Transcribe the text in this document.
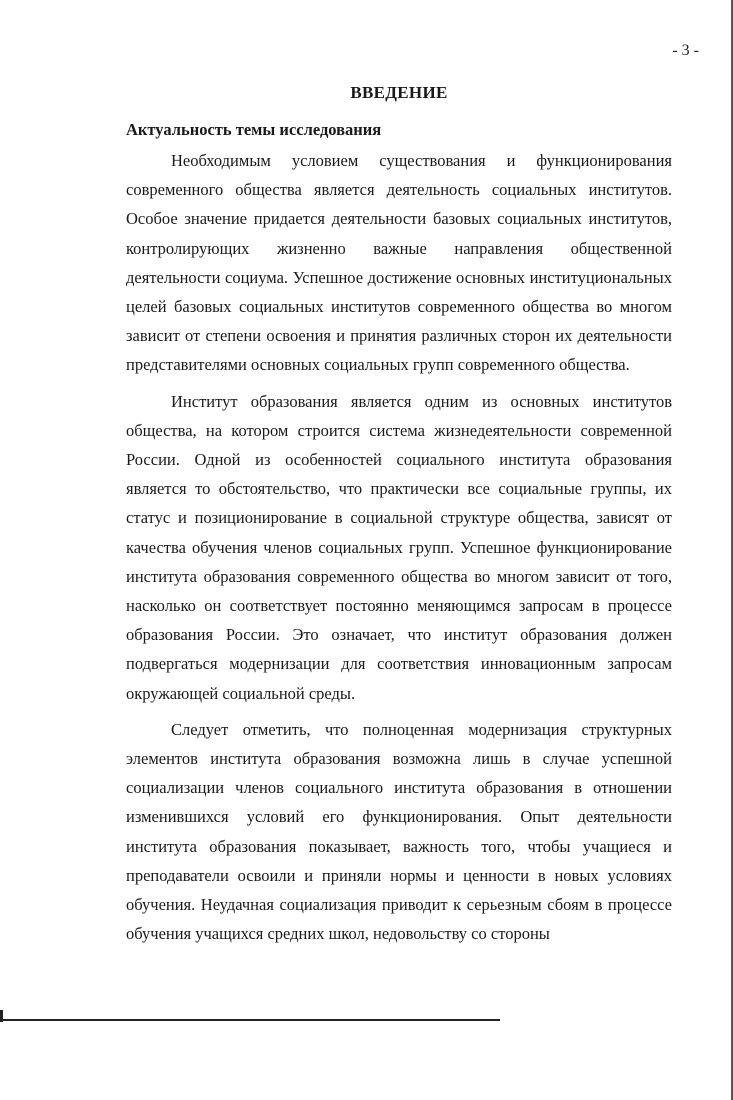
- 3 -
ВВЕДЕНИЕ
Актуальность темы исследования

Необходимым условием существования и функционирования современного общества является деятельность социальных институтов. Особое значение придается деятельности базовых социальных институтов, контролирующих жизненно важные направления общественной деятельности социума. Успешное достижение основных институциональных целей базовых социальных институтов современного общества во многом зависит от степени освоения и принятия различных сторон их деятельности представителями основных социальных групп современного общества.

Институт образования является одним из основных институтов общества, на котором строится система жизнедеятельности современной России. Одной из особенностей социального института образования является то обстоятельство, что практически все социальные группы, их статус и позиционирование в социальной структуре общества, зависят от качества обучения членов социальных групп. Успешное функционирование института образования современного общества во многом зависит от того, насколько он соответствует постоянно меняющимся запросам в процессе образования России. Это означает, что институт образования должен подвергаться модернизации для соответствия инновационным запросам окружающей социальной среды.

Следует отметить, что полноценная модернизация структурных элементов института образования возможна лишь в случае успешной социализации членов социального института образования в отношении изменившихся условий его функционирования. Опыт деятельности института образования показывает, важность того, чтобы учащиеся и преподаватели освоили и приняли нормы и ценности в новых условиях обучения. Неудачная социализация приводит к серьезным сбоям в процессе обучения учащихся средних школ, недовольству со стороны
